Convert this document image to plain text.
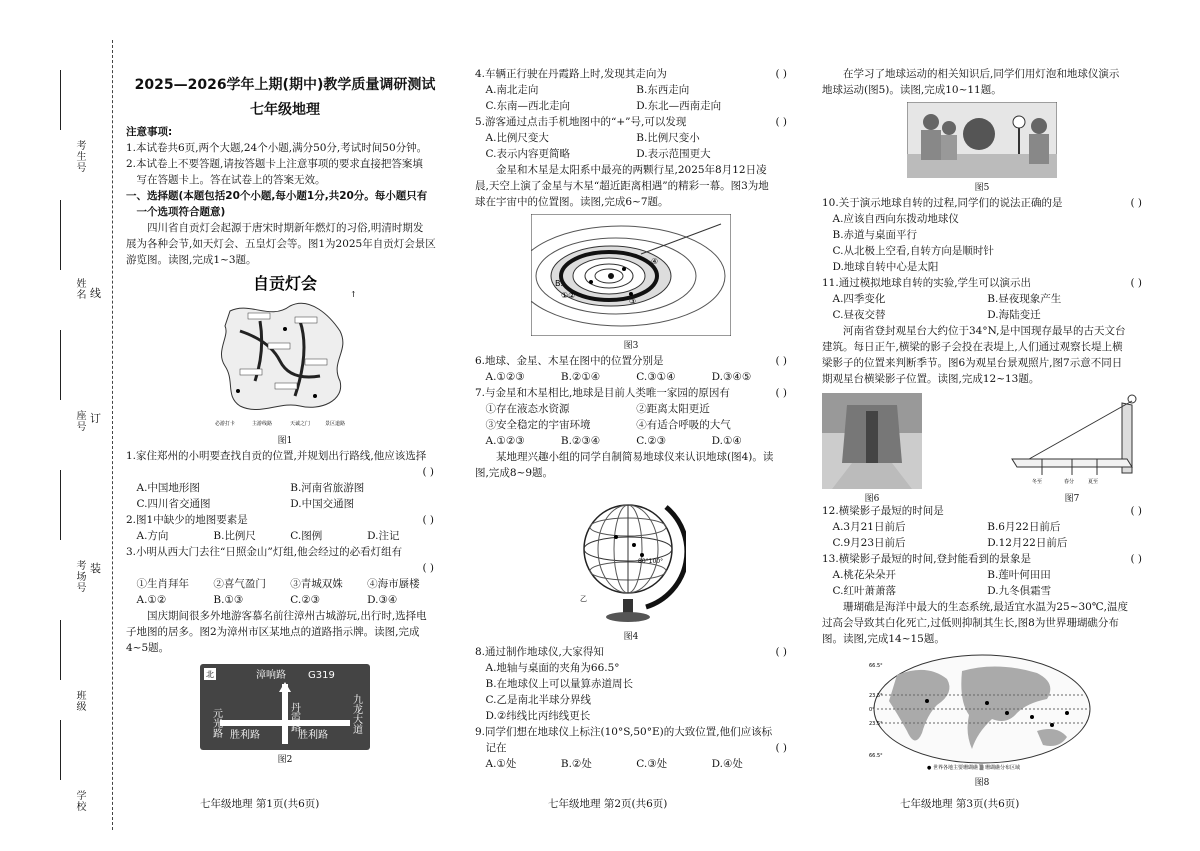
考生号
姓名
座号
考场号
班级
学校
线
订
装
2025—2026学年上期(期中)教学质量调研测试
七年级地理
注意事项:
1.本试卷共6页,两个大题,24个小题,满分50分,考试时间50分钟。
2.本试卷上不要答题,请按答题卡上注意事项的要求直接把答案填
写在答题卡上。答在试卷上的答案无效。
一、选择题(本题包括20个小题,每小题1分,共20分。每小题只有
一个选项符合题意)
四川省自贡灯会起源于唐宋时期新年燃灯的习俗,明清时期发
展为各种会节,如天灯会、五皇灯会等。图1为2025年自贡灯会景区
游览图。读图,完成1~3题。
自贡灯会
↑
必游打卡	主游线路	天诚之门	景区道路
图1
1.家住郑州的小明要查找自贡的位置,并规划出行路线,他应该选择
( )
A.中国地形图	B.河南省旅游图
C.四川省交通图	D.中国交通图
2.图1中缺少的地图要素是	( )
A.方向	B.比例尺	C.图例	D.注记
3.小明从西大门去往“日照金山”灯组,他会经过的必看灯组有
( )
①生肖拜年	②喜气盈门	③青城双姝	④海市蜃楼
A.①②	B.①③	C.②③	D.③④
国庆期间很多外地游客慕名前往漳州古城游玩,出行时,选择电
子地图的居多。图2为漳州市区某地点的道路指示牌。读图,完成
4~5题。
北	漳响路 G319
元光路	丹霞路	九龙大道
胜利路	胜利路
图2
七年级地理 第1页(共6页)
4.车辆正行驶在丹霞路上时,发现其走向为	( )
A.南北走向	B.东西走向
C.东南—西北走向	D.东北—西南走向
5.游客通过点击手机地图中的“+”号,可以发现	( )
A.比例尺变大	B.比例尺变小
C.表示内容更简略	D.表示范围更大
金星和木星是太阳系中最亮的两颗行星,2025年8月12日凌
晨,天空上演了金星与木星“超近距离相遇”的精彩一幕。图3为地
球在宇宙中的位置图。读图,完成6~7题。
B.
①②
③
④
图3
6.地球、金星、木星在图中的位置分别是	( )
A.①②③	B.②①④	C.③①④	D.③④⑤
7.与金星和木星相比,地球是目前人类唯一家园的原因有	( )
①存在液态水资源	②距离太阳更近
③安全稳定的宇宙环境	④有适合呼吸的大气
A.①②③	B.②③④	C.②③	D.①④
某地理兴趣小组的同学自制简易地球仪来认识地球(图4)。读
图,完成8~9题。
80°100°
乙
图4
8.通过制作地球仪,大家得知	( )
A.地轴与桌面的夹角为66.5°
B.在地球仪上可以量算赤道周长
C.乙是南北半球分界线
D.②纬线比丙纬线更长
9.同学们想在地球仪上标注(10°S,50°E)的大致位置,他们应该标
记在	( )
A.①处	B.②处	C.③处	D.④处
七年级地理 第2页(共6页)
在学习了地球运动的相关知识后,同学们用灯泡和地球仪演示
地球运动(图5)。读图,完成10~11题。
图5
10.关于演示地球自转的过程,同学们的说法正确的是	( )
A.应该自西向东拨动地球仪
B.赤道与桌面平行
C.从北极上空看,自转方向是顺时针
D.地球自转中心是太阳
11.通过模拟地球自转的实验,学生可以演示出	( )
A.四季变化	B.昼夜现象产生
C.昼夜交替	D.海陆变迁
河南省登封观星台大约位于34°N,是中国现存最早的古天文台
建筑。每日正午,横梁的影子会投在表堤上,人们通过观察长堤上横
梁影子的位置来判断季节。图6为观星台景观照片,图7示意不同日
期观星台横梁影子位置。读图,完成12~13题。
图6
冬至	春分	夏至
图7
12.横梁影子最短的时间是	( )
A.3月21日前后	B.6月22日前后
C.9月23日前后	D.12月22日前后
13.横梁影子最短的时间,登封能看到的景象是	( )
A.桃花朵朵开	B.莲叶何田田
C.红叶萧萧落	D.九冬俱霜雪
珊瑚礁是海洋中最大的生态系统,最适宜水温为25~30℃,温度
过高会导致其白化死亡,过低则抑制其生长,图8为世界珊瑚礁分布
图。读图,完成14~15题。
66.5°
23.5°
0°
23.5°
66.5°
● 世界各地主要珊瑚礁 ▒ 珊瑚礁分布区域
图8
七年级地理 第3页(共6页)
